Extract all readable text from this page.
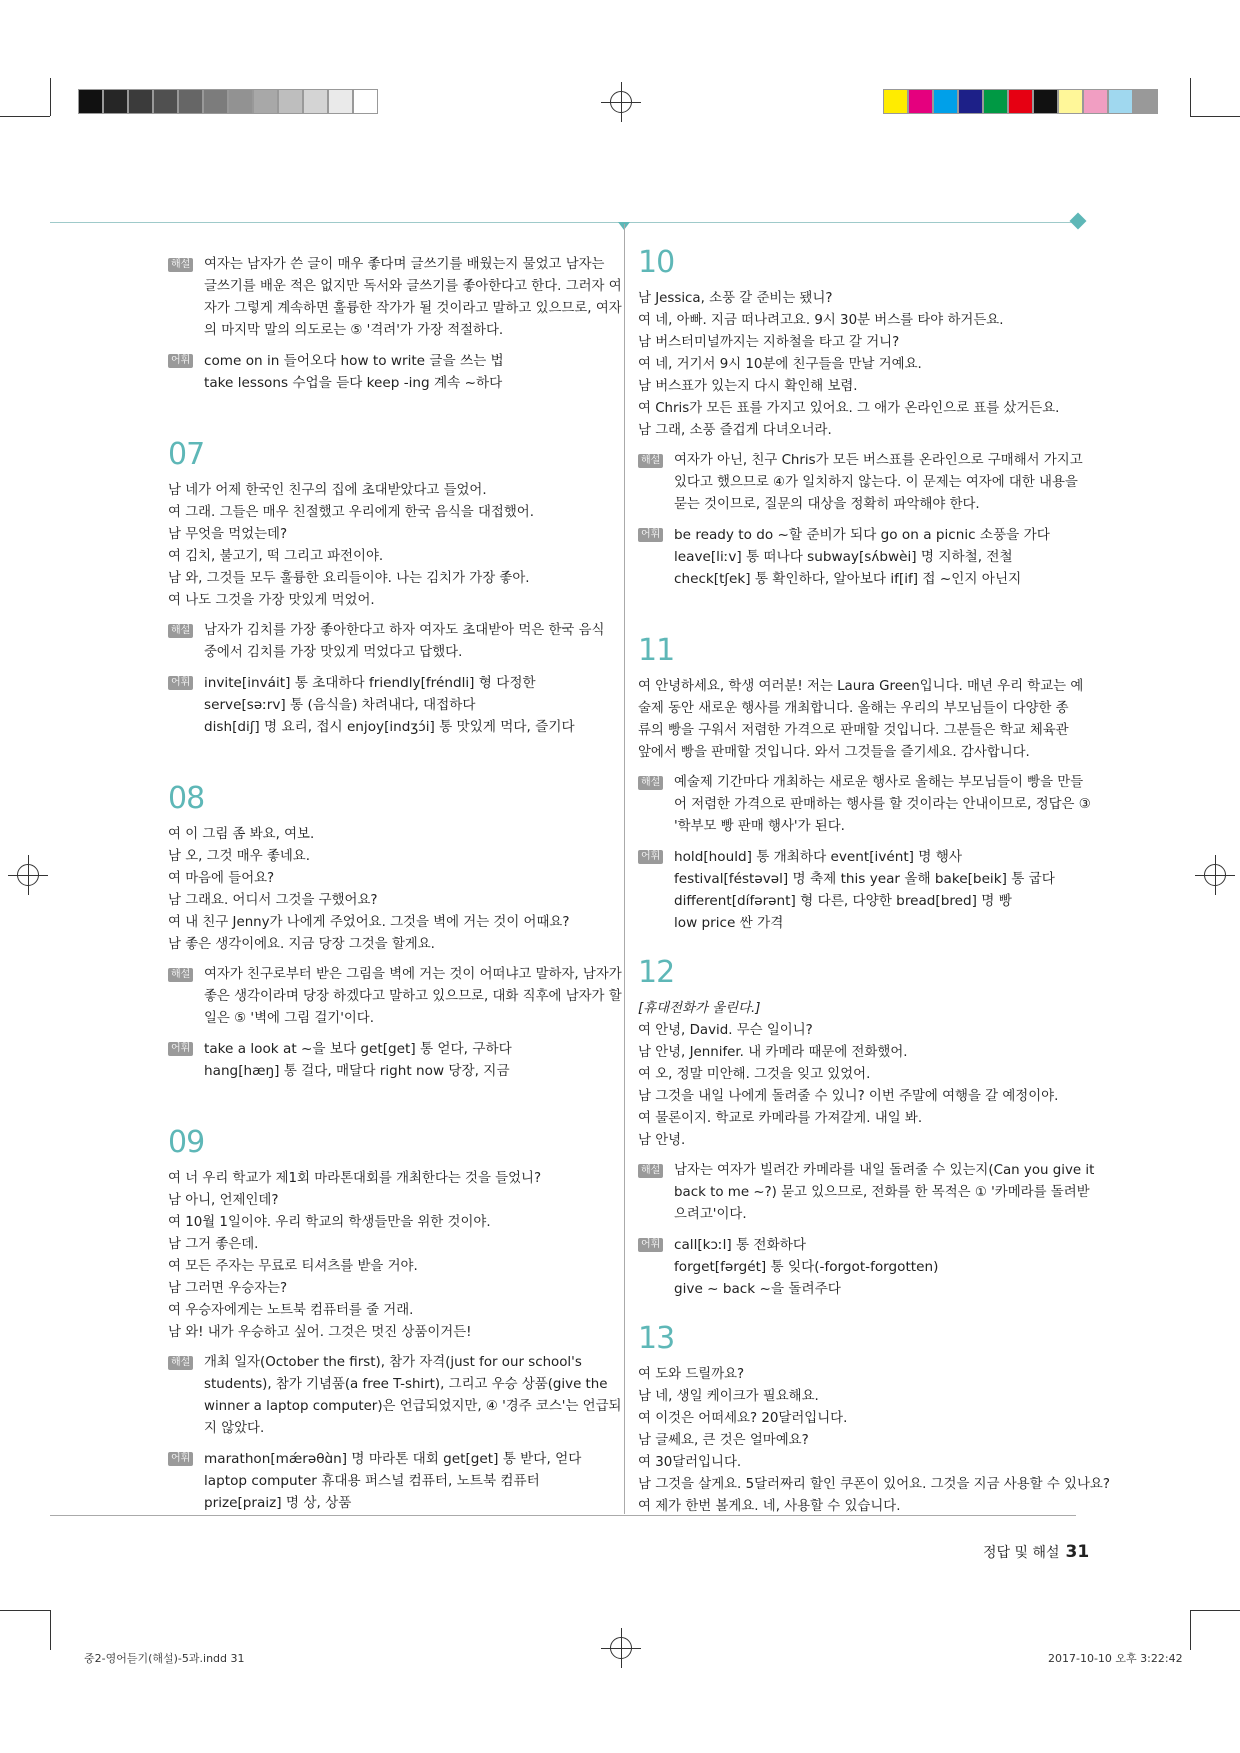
해설 여자는 남자가 쓴 글이 매우 좋다며 글쓰기를 배웠는지 물었고 남자는
글쓰기를 배운 적은 없지만 독서와 글쓰기를 좋아한다고 한다. 그러자 여
자가 그렇게 계속하면 훌륭한 작가가 될 것이라고 말하고 있으므로, 여자
의 마지막 말의 의도로는 ⑤ '격려'가 가장 적절하다.
어휘 come on in 들어오다 how to write 글을 쓰는 법
take lessons 수업을 듣다 keep -ing 계속 ~하다
07
남 네가 어제 한국인 친구의 집에 초대받았다고 들었어.
여 그래. 그들은 매우 친절했고 우리에게 한국 음식을 대접했어.
남 무엇을 먹었는데?
여 김치, 불고기, 떡 그리고 파전이야.
남 와, 그것들 모두 훌륭한 요리들이야. 나는 김치가 가장 좋아.
여 나도 그것을 가장 맛있게 먹었어.
해설 남자가 김치를 가장 좋아한다고 하자 여자도 초대받아 먹은 한국 음식
중에서 김치를 가장 맛있게 먹었다고 답했다.
어휘 invite[inváit] 통 초대하다 friendly[fréndli] 형 다정한
serve[səːrv] 통 (음식을) 차려내다, 대접하다
dish[diʃ] 명 요리, 접시 enjoy[indʒɔ́i] 통 맛있게 먹다, 즐기다
08
여 이 그림 좀 봐요, 여보.
남 오, 그것 매우 좋네요.
여 마음에 들어요?
남 그래요. 어디서 그것을 구했어요?
여 내 친구 Jenny가 나에게 주었어요. 그것을 벽에 거는 것이 어때요?
남 좋은 생각이에요. 지금 당장 그것을 할게요.
해설 여자가 친구로부터 받은 그림을 벽에 거는 것이 어떠냐고 말하자, 남자가
좋은 생각이라며 당장 하겠다고 말하고 있으므로, 대화 직후에 남자가 할
일은 ⑤ '벽에 그림 걸기'이다.
어휘 take a look at ~을 보다 get[get] 통 얻다, 구하다
hang[hæŋ] 통 걸다, 매달다 right now 당장, 지금
09
여 너 우리 학교가 제1회 마라톤대회를 개최한다는 것을 들었니?
남 아니, 언제인데?
여 10월 1일이야. 우리 학교의 학생들만을 위한 것이야.
남 그거 좋은데.
여 모든 주자는 무료로 티셔츠를 받을 거야.
남 그러면 우승자는?
여 우승자에게는 노트북 컴퓨터를 줄 거래.
남 와! 내가 우승하고 싶어. 그것은 멋진 상품이거든!
해설 개최 일자(October the first), 참가 자격(just for our school's
students), 참가 기념품(a free T-shirt), 그리고 우승 상품(give the
winner a laptop computer)은 언급되었지만, ④ '경주 코스'는 언급되
지 않았다.
어휘 marathon[mǽrəθɑ̀n] 명 마라톤 대회 get[get] 통 받다, 얻다
laptop computer 휴대용 퍼스널 컴퓨터, 노트북 컴퓨터
prize[praiz] 명 상, 상품
10
남 Jessica, 소풍 갈 준비는 됐니?
여 네, 아빠. 지금 떠나려고요. 9시 30분 버스를 타야 하거든요.
남 버스터미널까지는 지하철을 타고 갈 거니?
여 네, 거기서 9시 10분에 친구들을 만날 거예요.
남 버스표가 있는지 다시 확인해 보렴.
여 Chris가 모든 표를 가지고 있어요. 그 애가 온라인으로 표를 샀거든요.
남 그래, 소풍 즐겁게 다녀오너라.
해설 여자가 아닌, 친구 Chris가 모든 버스표를 온라인으로 구매해서 가지고
있다고 했으므로 ④가 일치하지 않는다. 이 문제는 여자에 대한 내용을
묻는 것이므로, 질문의 대상을 정확히 파악해야 한다.
어휘 be ready to do ~할 준비가 되다 go on a picnic 소풍을 가다
leave[liːv] 통 떠나다 subway[sʌ́bwèi] 명 지하철, 전철
check[tʃek] 통 확인하다, 알아보다 if[if] 접 ~인지 아닌지
11
여 안녕하세요, 학생 여러분! 저는 Laura Green입니다. 매년 우리 학교는 예
술제 동안 새로운 행사를 개최합니다. 올해는 우리의 부모님들이 다양한 종
류의 빵을 구워서 저렴한 가격으로 판매할 것입니다. 그분들은 학교 체육관
앞에서 빵을 판매할 것입니다. 와서 그것들을 즐기세요. 감사합니다.
해설 예술제 기간마다 개최하는 새로운 행사로 올해는 부모님들이 빵을 만들
어 저렴한 가격으로 판매하는 행사를 할 것이라는 안내이므로, 정답은 ③
'학부모 빵 판매 행사'가 된다.
어휘 hold[hould] 통 개최하다 event[ivént] 명 행사
festival[féstəvəl] 명 축제 this year 올해 bake[beik] 통 굽다
different[dífərənt] 형 다른, 다양한 bread[bred] 명 빵
low price 싼 가격
12
[휴대전화가 울린다.]
여 안녕, David. 무슨 일이니?
남 안녕, Jennifer. 내 카메라 때문에 전화했어.
여 오, 정말 미안해. 그것을 잊고 있었어.
남 그것을 내일 나에게 돌려줄 수 있니? 이번 주말에 여행을 갈 예정이야.
여 물론이지. 학교로 카메라를 가져갈게. 내일 봐.
남 안녕.
해설 남자는 여자가 빌려간 카메라를 내일 돌려줄 수 있는지(Can you give it
back to me ~?) 묻고 있으므로, 전화를 한 목적은 ① '카메라를 돌려받
으려고'이다.
어휘 call[kɔːl] 통 전화하다
forget[fərgét] 통 잊다(-forgot-forgotten)
give ~ back ~을 돌려주다
13
여 도와 드릴까요?
남 네, 생일 케이크가 필요해요.
여 이것은 어떠세요? 20달러입니다.
남 글쎄요, 큰 것은 얼마예요?
여 30달러입니다.
남 그것을 살게요. 5달러짜리 할인 쿠폰이 있어요. 그것을 지금 사용할 수 있나요?
여 제가 한번 볼게요. 네, 사용할 수 있습니다.
정답 및 해설 31
중2-영어듣기(해설)-5과.indd 31	2017-10-10 오후 3:22:42
